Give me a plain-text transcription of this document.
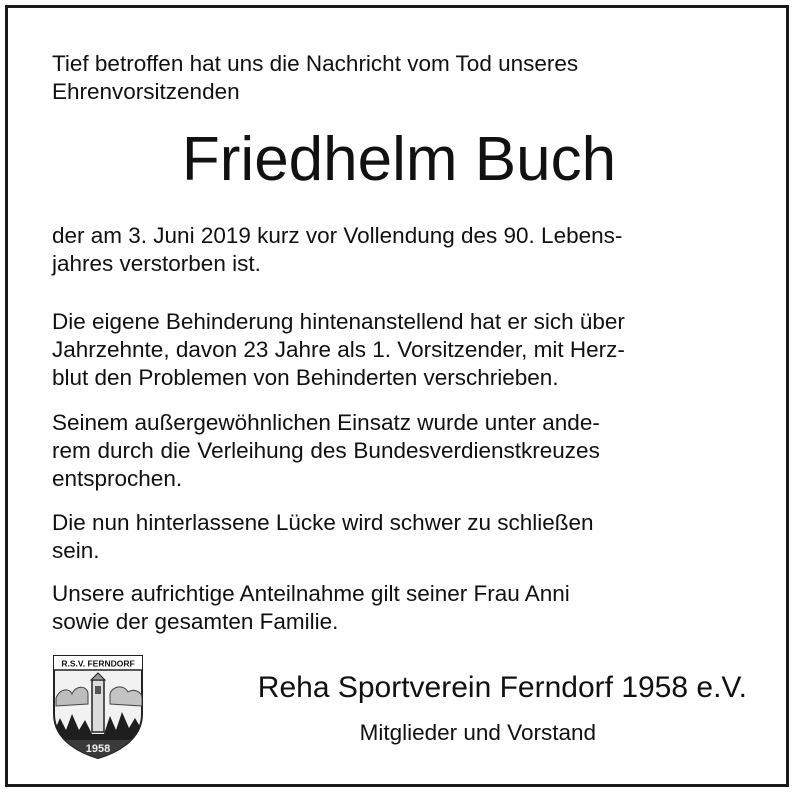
Tief betroffen hat uns die Nachricht vom Tod unseres
Ehrenvorsitzenden
Friedhelm Buch
der am 3. Juni 2019 kurz vor Vollendung des 90. Lebens-
jahres verstorben ist.
Die eigene Behinderung hintenanstellend hat er sich über
Jahrzehnte, davon 23 Jahre als 1. Vorsitzender, mit Herz-
blut den Problemen von Behinderten verschrieben.
Seinem außergewöhnlichen Einsatz wurde unter ande-
rem durch die Verleihung des Bundesverdienstkreuzes
entsprochen.
Die nun hinterlassene Lücke wird schwer zu schließen
sein.
Unsere aufrichtige Anteilnahme gilt seiner Frau Anni
sowie der gesamten Familie.
R.S.V. FERNDORF
1958
Reha Sportverein Ferndorf 1958 e.V.
Mitglieder und Vorstand
